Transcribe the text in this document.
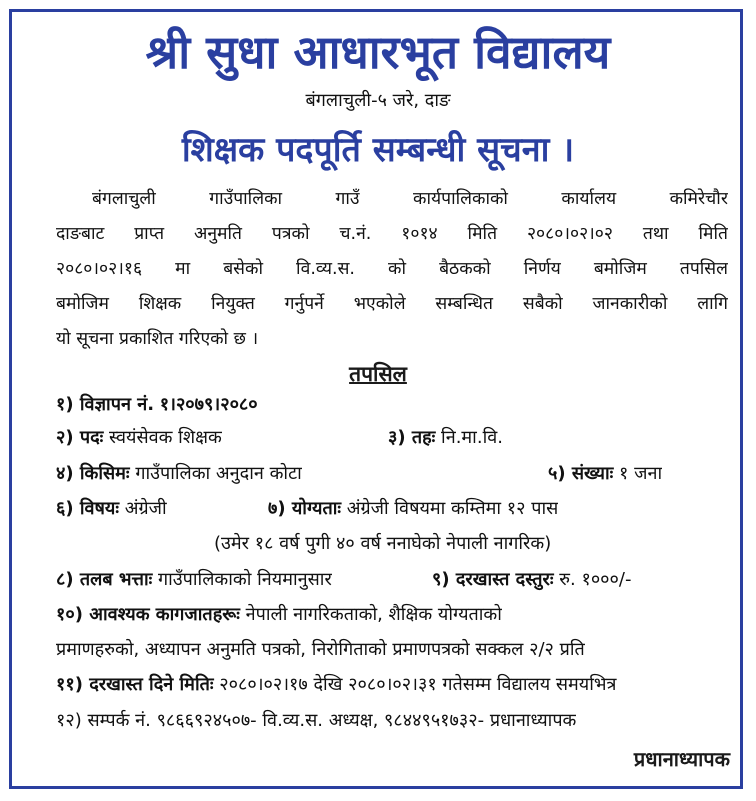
श्री सुधा आधारभूत विद्यालय
बंगलाचुली-५ जरे, दाङ
शिक्षक पदपूर्ति सम्बन्धी सूचना ।
बंगलाचुली गाउँपालिका गाउँ कार्यपालिकाको कार्यालय कमिरेचौर
दाङबाट प्राप्त अनुमति पत्रको च.नं. १०१४ मिति २०८०।०२।०२ तथा मिति
२०८०।०२।१६ मा बसेको वि.व्य.स. को बैठकको निर्णय बमोजिम तपसिल
बमोजिम शिक्षक नियुक्त गर्नुपर्ने भएकोले सम्बन्धित सबैको जानकारीको लागि
यो सूचना प्रकाशित गरिएको छ ।
तपसिल
१) विज्ञापन नं. १।२०७९।२०८०
२) पदः स्वयंसेवक शिक्षक	३) तहः नि.मा.वि.
४) किसिमः गाउँपालिका अनुदान कोटा	५) संख्याः १ जना
६) विषयः अंग्रेजी	७) योग्यताः अंग्रेजी विषयमा कम्तिमा १२ पास
(उमेर १८ वर्ष पुगी ४० वर्ष ननाघेको नेपाली नागरिक)
८) तलब भत्ताः गाउँपालिकाको नियमानुसार	९) दरखास्त दस्तुरः रु. १०००/-
१०) आवश्यक कागजातहरूः नेपाली नागरिकताको, शैक्षिक योग्यताको
प्रमाणहरुको, अध्यापन अनुमति पत्रको, निरोगिताको प्रमाणपत्रको सक्कल २/२ प्रति
११) दरखास्त दिने मितिः २०८०।०२।१७ देखि २०८०।०२।३१ गतेसम्म विद्यालय समयभित्र
१२) सम्पर्क नं. ९८६६९२४५०७- वि.व्य.स. अध्यक्ष, ९८४४९५१७३२- प्रधानाध्यापक
प्रधानाध्यापक
